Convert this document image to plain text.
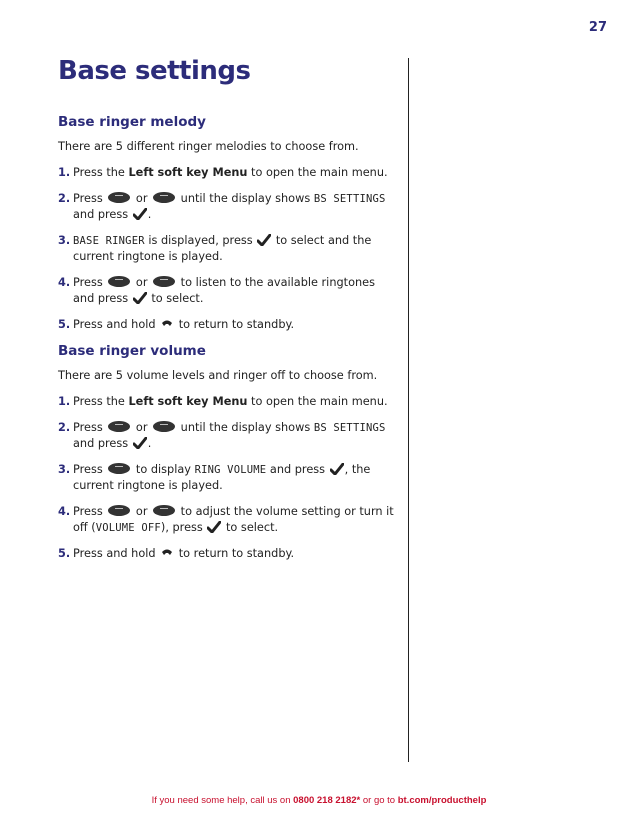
27
Base settings
Base ringer melody

There are 5 different ringer melodies to choose from.

1. Press the Left soft key Menu to open the main menu.
2. Press	or	until the display shows BS SETTINGS and press .
3. BASE RINGER is displayed, press to select and the current ringtone is played.
4. Press	or	to listen to the available ringtones and press to select.
5. Press and hold to return to standby.
Base ringer volume

There are 5 volume levels and ringer off to choose from.

1. Press the Left soft key Menu to open the main menu.
2. Press	or	until the display shows BS SETTINGS and press .
3. Press	to display RING VOLUME and press , the current ringtone is played.
4. Press	or	to adjust the volume setting or turn it off (VOLUME OFF), press to select.
5. Press and hold to return to standby.
If you need some help, call us on 0800 218 2182* or go to bt.com/producthelp
